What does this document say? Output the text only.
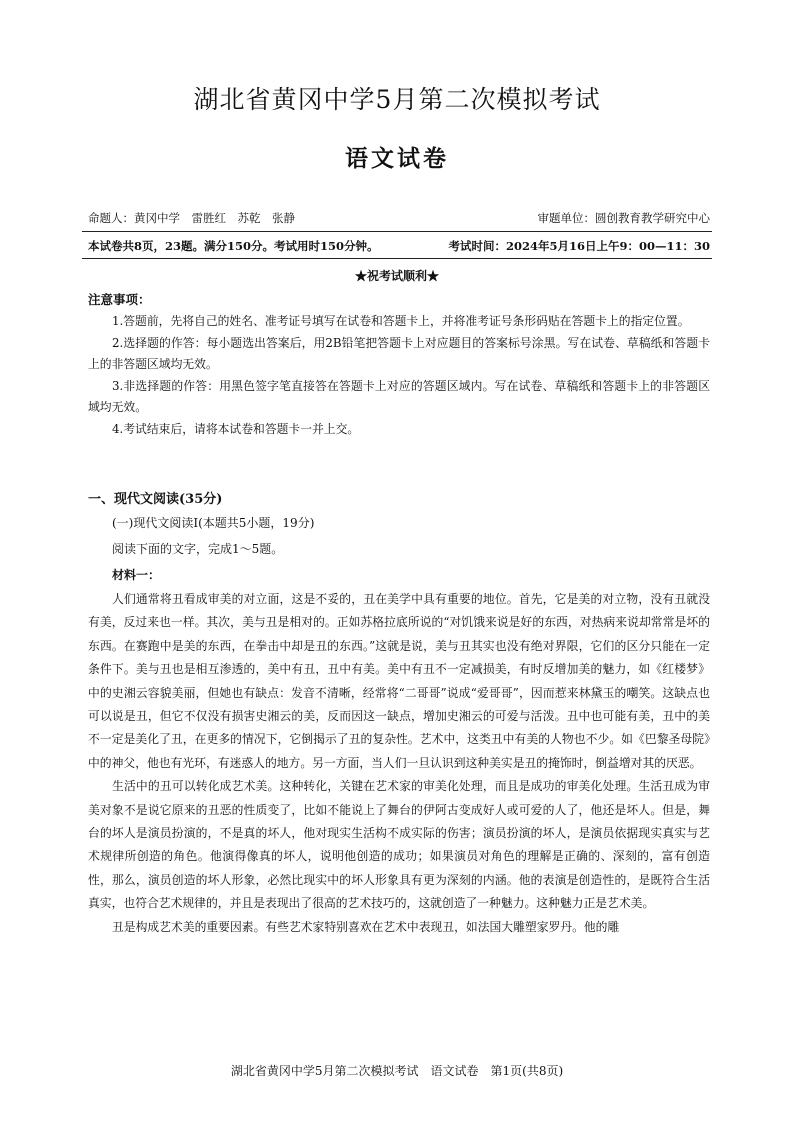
湖北省黄冈中学5月第二次模拟考试
语文试卷
命题人：黄冈中学　雷胜红　苏乾　张静	审题单位：圆创教育教学研究中心
本试卷共8页，23题。满分150分。考试用时150分钟。	考试时间：2024年5月16日上午9：00—11：30
★祝考试顺利★
注意事项：

1.答题前，先将自己的姓名、准考证号填写在试卷和答题卡上，并将准考证号条形码贴在答题卡上的指定位置。

2.选择题的作答：每小题选出答案后，用2B铅笔把答题卡上对应题目的答案标号涂黑。写在试卷、草稿纸和答题卡上的非答题区域均无效。

3.非选择题的作答：用黑色签字笔直接答在答题卡上对应的答题区域内。写在试卷、草稿纸和答题卡上的非答题区域均无效。

4.考试结束后，请将本试卷和答题卡一并上交。

一、现代文阅读(35分)
(一)现代文阅读Ⅰ(本题共5小题，19分)
阅读下面的文字，完成1～5题。
材料一：

人们通常将丑看成审美的对立面，这是不妥的，丑在美学中具有重要的地位。首先，它是美的对立物，没有丑就没有美，反过来也一样。其次，美与丑是相对的。正如苏格拉底所说的“对饥饿来说是好的东西，对热病来说却常常是坏的东西。在赛跑中是美的东西，在拳击中却是丑的东西。”这就是说，美与丑其实也没有绝对界限，它们的区分只能在一定条件下。美与丑也是相互渗透的，美中有丑，丑中有美。美中有丑不一定减损美，有时反增加美的魅力，如《红楼梦》中的史湘云容貌美丽，但她也有缺点：发音不清晰，经常将“二哥哥”说成“爱哥哥”，因而惹来林黛玉的嘲笑。这缺点也可以说是丑，但它不仅没有损害史湘云的美，反而因这一缺点，增加史湘云的可爱与活泼。丑中也可能有美，丑中的美不一定是美化了丑，在更多的情况下，它倒揭示了丑的复杂性。艺术中，这类丑中有美的人物也不少。如《巴黎圣母院》中的神父，他也有光环，有迷惑人的地方。另一方面，当人们一旦认识到这种美实是丑的掩饰时，倒益增对其的厌恶。

生活中的丑可以转化成艺术美。这种转化，关键在艺术家的审美化处理，而且是成功的审美化处理。生活丑成为审美对象不是说它原来的丑恶的性质变了，比如不能说上了舞台的伊阿古变成好人或可爱的人了，他还是坏人。但是，舞台的坏人是演员扮演的，不是真的坏人，他对现实生活构不成实际的伤害；演员扮演的坏人，是演员依据现实真实与艺术规律所创造的角色。他演得像真的坏人，说明他创造的成功；如果演员对角色的理解是正确的、深刻的，富有创造性，那么，演员创造的坏人形象，必然比现实中的坏人形象具有更为深刻的内涵。他的表演是创造性的，是既符合生活真实，也符合艺术规律的，并且是表现出了很高的艺术技巧的，这就创造了一种魅力。这种魅力正是艺术美。

丑是构成艺术美的重要因素。有些艺术家特别喜欢在艺术中表现丑，如法国大雕塑家罗丹。他的雕

湖北省黄冈中学5月第二次模拟考试　语文试卷　第1页(共8页)
